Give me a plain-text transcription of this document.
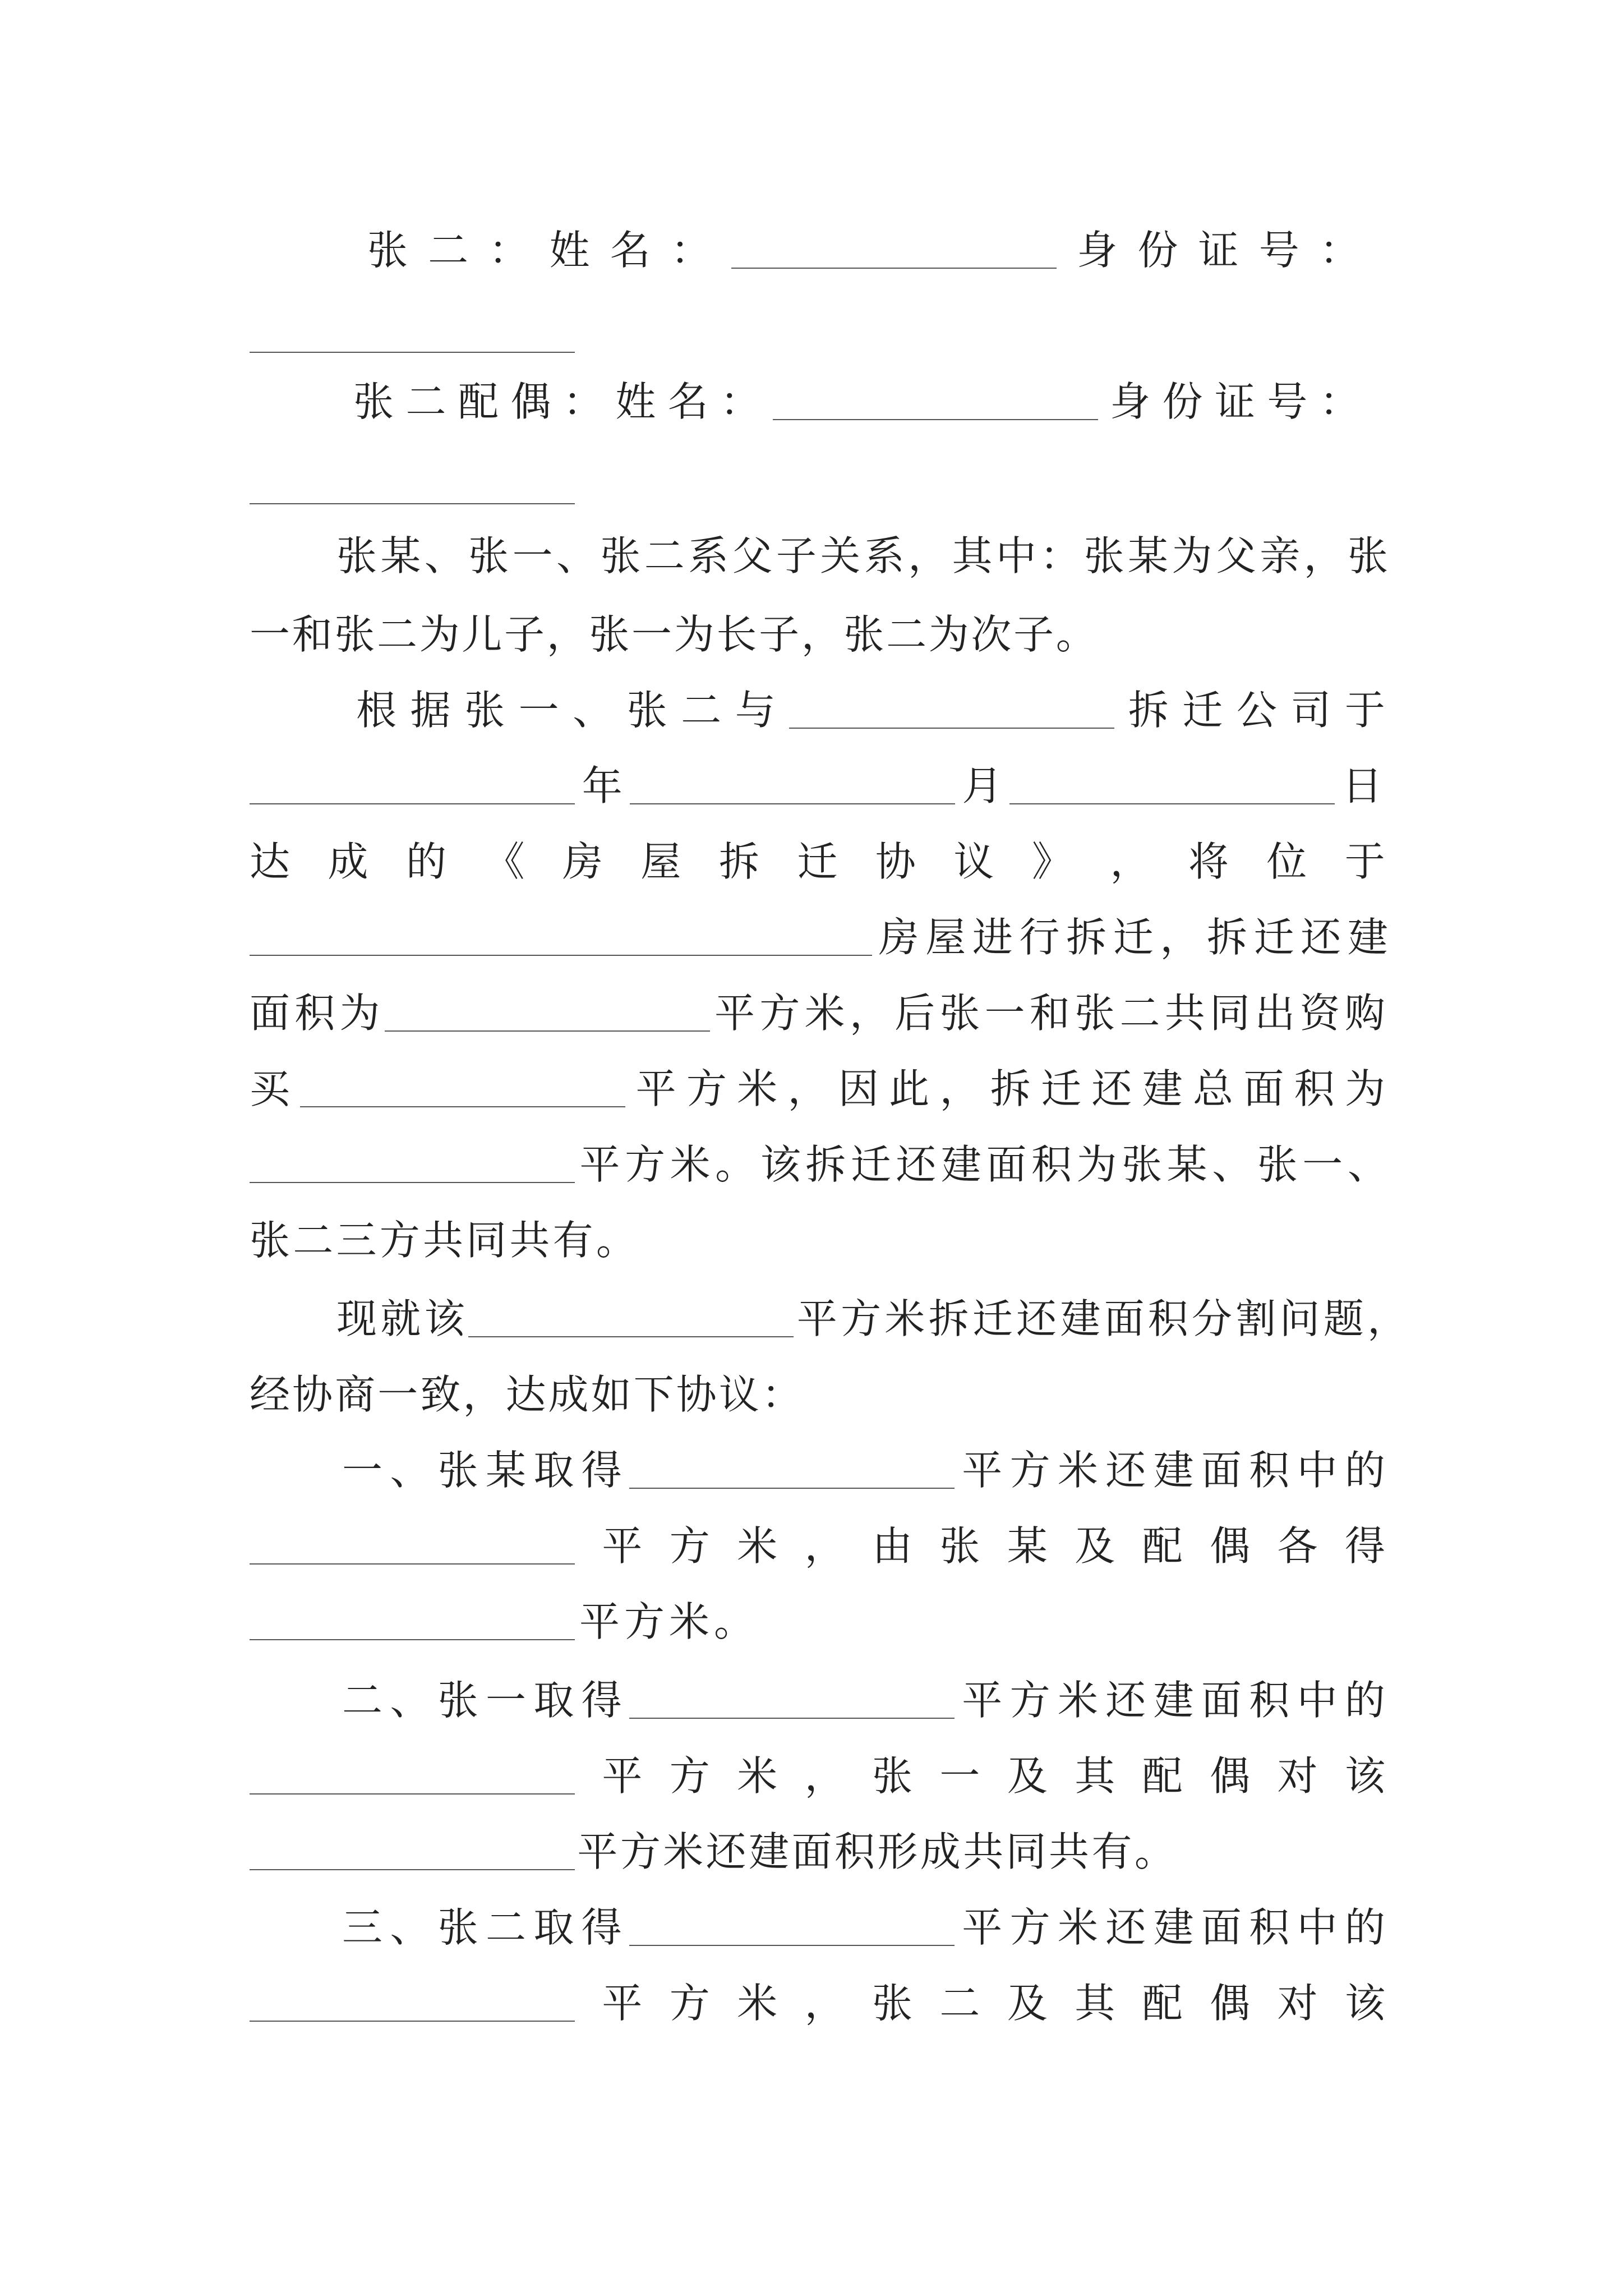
张 二 ： 姓 名 ：	身 份 证 号 ：
张 二 配 偶 ： 姓 名 ：	身 份 证 号 ：
张 某 、 张 一 、 张 二 系 父 子 关 系 ， 其 中 ： 张 某 为 父 亲 ， 张
一 和 张 二 为 儿 子 ， 张 一 为 长 子 ， 张 二 为 次 子 。
根 据 张 一 、 张 二 与	拆 迁 公 司 于
年	月	日
达 成 的 《 房 屋 拆 迁 协 议 》 ， 将 位 于
房 屋 进 行 拆 迁 ， 拆 迁 还 建
面 积 为	平 方 米 ， 后 张 一 和 张 二 共 同 出 资 购
买	平 方 米 ， 因 此 ， 拆 迁 还 建 总 面 积 为
平 方 米 。 该 拆 迁 还 建 面 积 为 张 某 、 张 一 、
张 二 三 方 共 同 共 有 。
现 就 该	平 方 米 拆 迁 还 建 面 积 分 割 问 题 ，
经 协 商 一 致 ， 达 成 如 下 协 议 ：
一 、 张 某 取 得	平 方 米 还 建 面 积 中 的
平 方 米 ， 由 张 某 及 配 偶 各 得
平 方 米 。
二 、 张 一 取 得	平 方 米 还 建 面 积 中 的
平 方 米 ， 张 一 及 其 配 偶 对 该
平 方 米 还 建 面 积 形 成 共 同 共 有 。
三 、 张 二 取 得	平 方 米 还 建 面 积 中 的
平 方 米 ， 张 二 及 其 配 偶 对 该
